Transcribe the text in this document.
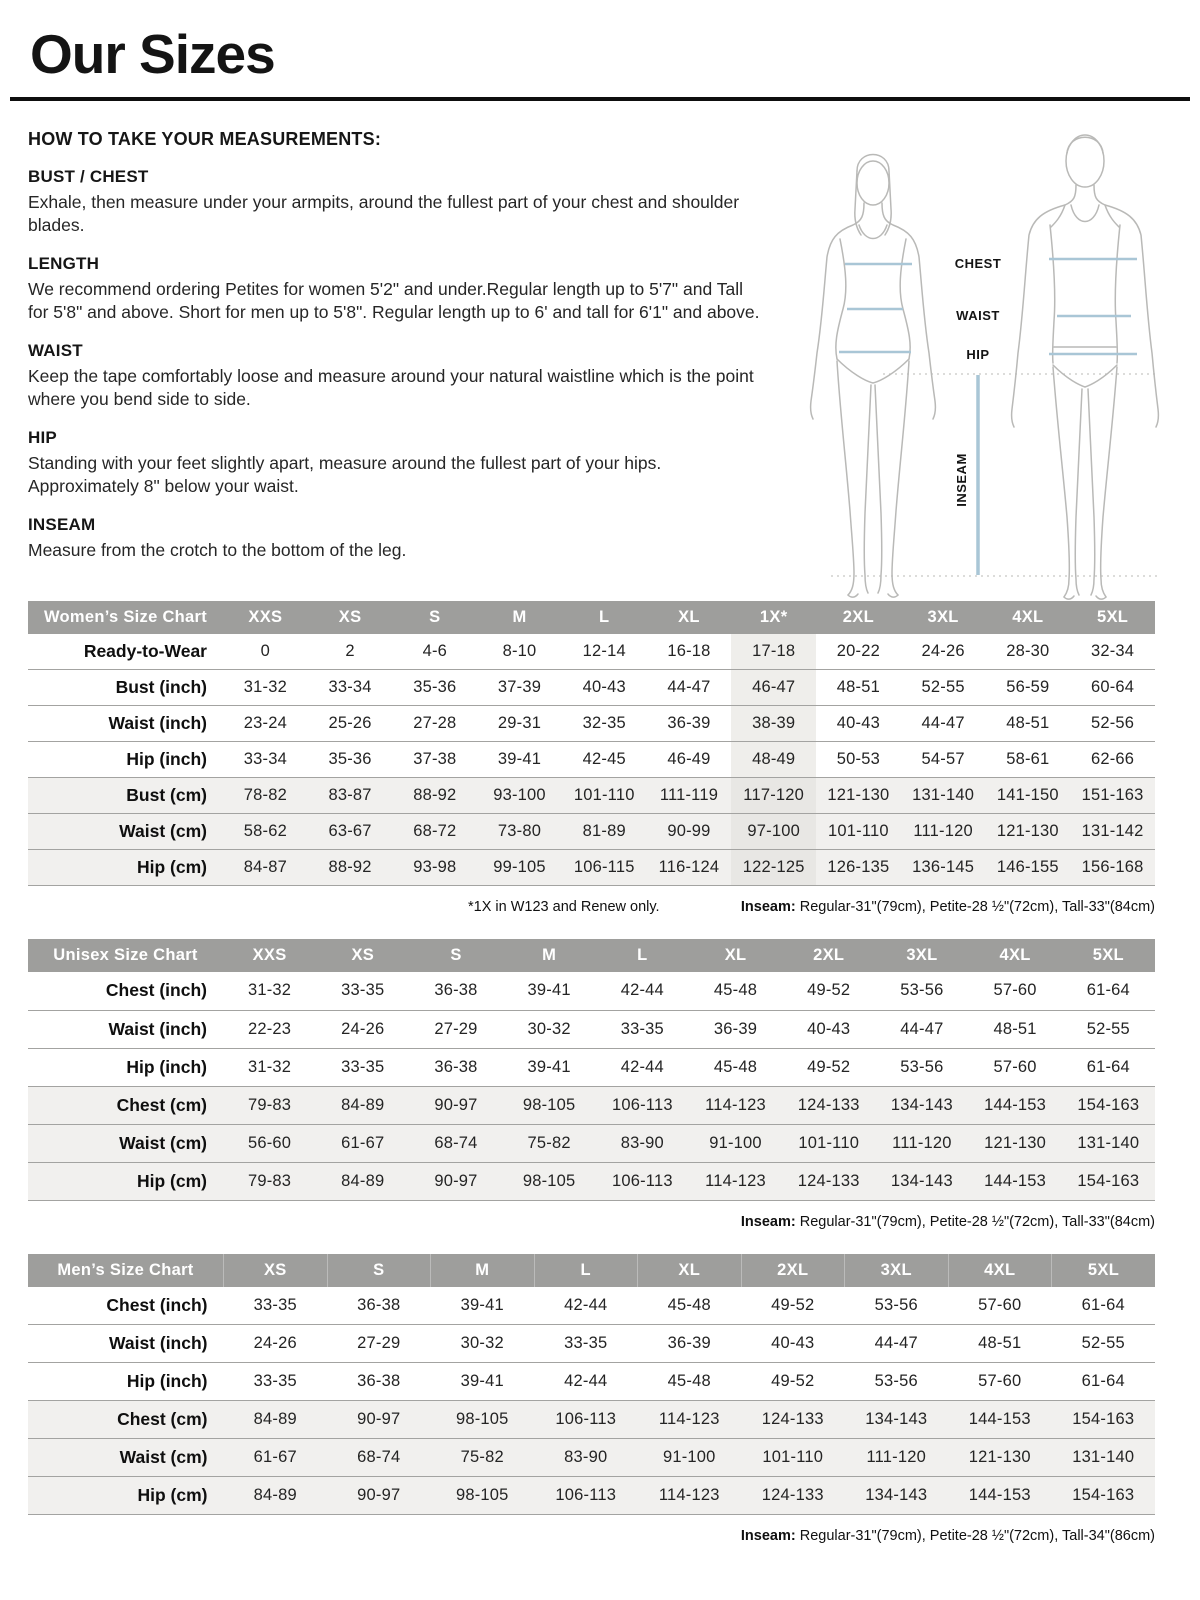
Our Sizes

HOW TO TAKE YOUR MEASUREMENTS:

BUST / CHEST

Exhale, then measure under your armpits, around the fullest part of your chest and shoulder blades.

LENGTH

We recommend ordering Petites for women 5'2" and under.Regular length up to 5'7" and Tall for 5'8" and above. Short for men up to 5'8". Regular length up to 6' and tall for 6'1" and above.

WAIST

Keep the tape comfortably loose and measure around your natural waistline which is the point where you bend side to side.

HIP

Standing with your feet slightly apart, measure around the fullest part of your hips. Approximately 8" below your waist.

INSEAM

Measure from the crotch to the bottom of the leg.

CHEST
WAIST
HIP
INSEAM
Women’s Size Chart	XXS	XS	S	M	L	XL	1X*	2XL	3XL	4XL	5XL
Ready-to-Wear	0	2	4-6	8-10	12-14	16-18	17-18	20-22	24-26	28-30	32-34
Bust (inch)	31-32	33-34	35-36	37-39	40-43	44-47	46-47	48-51	52-55	56-59	60-64
Waist (inch)	23-24	25-26	27-28	29-31	32-35	36-39	38-39	40-43	44-47	48-51	52-56
Hip (inch)	33-34	35-36	37-38	39-41	42-45	46-49	48-49	50-53	54-57	58-61	62-66
Bust (cm)	78-82	83-87	88-92	93-100	101-110	111-119	117-120	121-130	131-140	141-150	151-163
Waist (cm)	58-62	63-67	68-72	73-80	81-89	90-99	97-100	101-110	111-120	121-130	131-142
Hip (cm)	84-87	88-92	93-98	99-105	106-115	116-124	122-125	126-135	136-145	146-155	156-168
*1X in W123 and Renew only.	Inseam: Regular-31"(79cm), Petite-28 ½"(72cm), Tall-33"(84cm)
Unisex Size Chart	XXS	XS	S	M	L	XL	2XL	3XL	4XL	5XL
Chest (inch)	31-32	33-35	36-38	39-41	42-44	45-48	49-52	53-56	57-60	61-64
Waist (inch)	22-23	24-26	27-29	30-32	33-35	36-39	40-43	44-47	48-51	52-55
Hip (inch)	31-32	33-35	36-38	39-41	42-44	45-48	49-52	53-56	57-60	61-64
Chest (cm)	79-83	84-89	90-97	98-105	106-113	114-123	124-133	134-143	144-153	154-163
Waist (cm)	56-60	61-67	68-74	75-82	83-90	91-100	101-110	111-120	121-130	131-140
Hip (cm)	79-83	84-89	90-97	98-105	106-113	114-123	124-133	134-143	144-153	154-163
Inseam: Regular-31"(79cm), Petite-28 ½"(72cm), Tall-33"(84cm)
Men’s Size Chart	XS	S	M	L	XL	2XL	3XL	4XL	5XL
Chest (inch)	33-35	36-38	39-41	42-44	45-48	49-52	53-56	57-60	61-64
Waist (inch)	24-26	27-29	30-32	33-35	36-39	40-43	44-47	48-51	52-55
Hip (inch)	33-35	36-38	39-41	42-44	45-48	49-52	53-56	57-60	61-64
Chest (cm)	84-89	90-97	98-105	106-113	114-123	124-133	134-143	144-153	154-163
Waist (cm)	61-67	68-74	75-82	83-90	91-100	101-110	111-120	121-130	131-140
Hip (cm)	84-89	90-97	98-105	106-113	114-123	124-133	134-143	144-153	154-163
Inseam: Regular-31"(79cm), Petite-28 ½"(72cm), Tall-34"(86cm)
